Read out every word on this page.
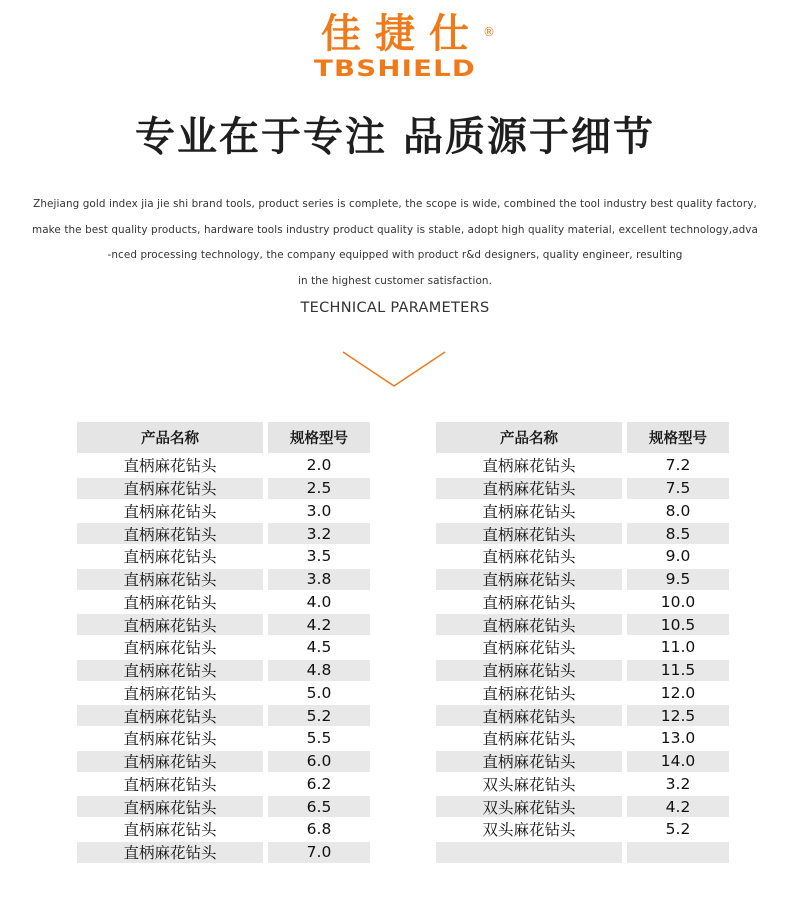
佳捷仕 ®
TBSHIELD
专业在于专注 品质源于细节

Zhejiang gold index jia jie shi brand tools, product series is complete, the scope is wide, combined the tool industry best quality factory,

make the best quality products, hardware tools industry product quality is stable, adopt high quality material, excellent technology,adva

-nced processing technology, the company equipped with product r&d designers, quality engineer, resulting

in the highest customer satisfaction.

TECHNICAL PARAMETERS
产品名称	规格型号
直柄麻花钻头	2.0
直柄麻花钻头	2.5
直柄麻花钻头	3.0
直柄麻花钻头	3.2
直柄麻花钻头	3.5
直柄麻花钻头	3.8
直柄麻花钻头	4.0
直柄麻花钻头	4.2
直柄麻花钻头	4.5
直柄麻花钻头	4.8
直柄麻花钻头	5.0
直柄麻花钻头	5.2
直柄麻花钻头	5.5
直柄麻花钻头	6.0
直柄麻花钻头	6.2
直柄麻花钻头	6.5
直柄麻花钻头	6.8
直柄麻花钻头	7.0
产品名称	规格型号
直柄麻花钻头	7.2
直柄麻花钻头	7.5
直柄麻花钻头	8.0
直柄麻花钻头	8.5
直柄麻花钻头	9.0
直柄麻花钻头	9.5
直柄麻花钻头	10.0
直柄麻花钻头	10.5
直柄麻花钻头	11.0
直柄麻花钻头	11.5
直柄麻花钻头	12.0
直柄麻花钻头	12.5
直柄麻花钻头	13.0
直柄麻花钻头	14.0
双头麻花钻头	3.2
双头麻花钻头	4.2
双头麻花钻头	5.2
